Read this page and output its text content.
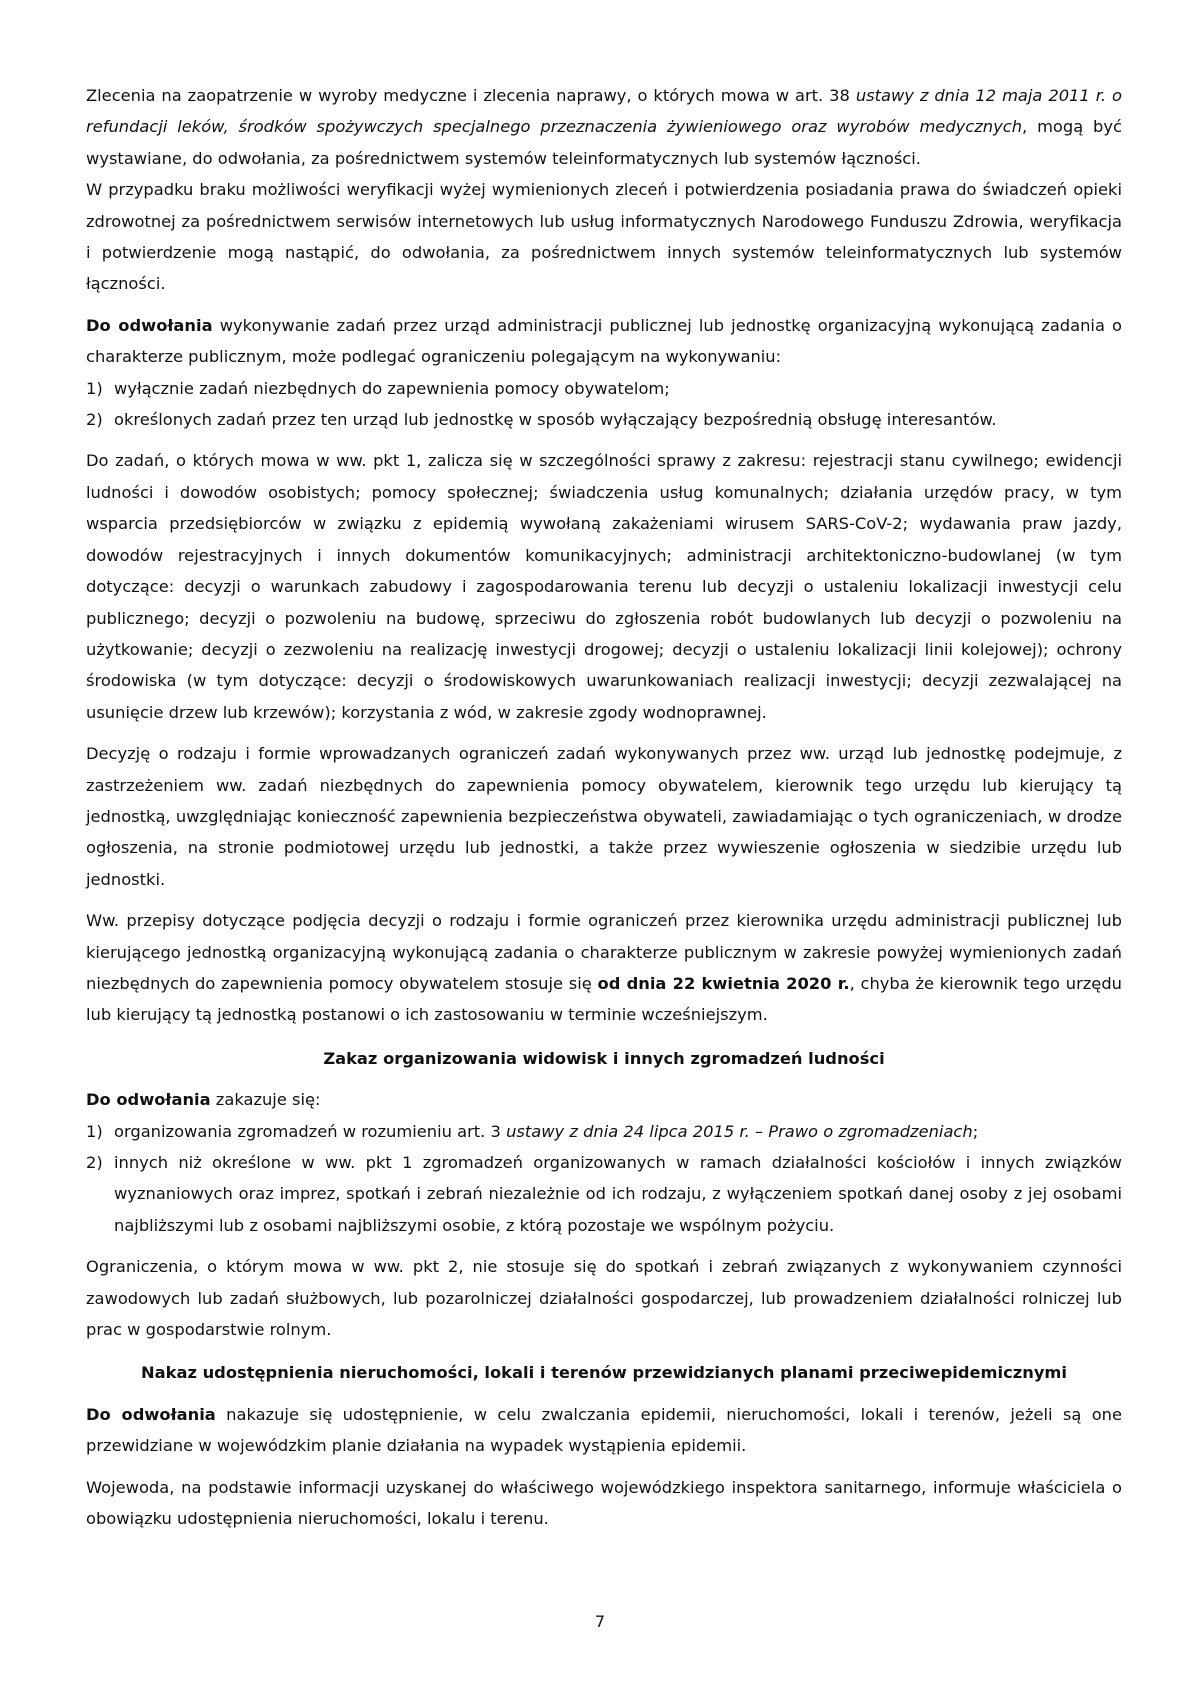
Zlecenia na zaopatrzenie w wyroby medyczne i zlecenia naprawy, o których mowa w art. 38 ustawy z dnia 12 maja 2011 r. o refundacji leków, środków spożywczych specjalnego przeznaczenia żywieniowego oraz wyrobów medycznych, mogą być wystawiane, do odwołania, za pośrednictwem systemów teleinformatycznych lub systemów łączności.

W przypadku braku możliwości weryfikacji wyżej wymienionych zleceń i potwierdzenia posiadania prawa do świadczeń opieki zdrowotnej za pośrednictwem serwisów internetowych lub usług informatycznych Narodowego Funduszu Zdrowia, weryfikacja i potwierdzenie mogą nastąpić, do odwołania, za pośrednictwem innych systemów teleinformatycznych lub systemów łączności.

Do odwołania wykonywanie zadań przez urząd administracji publicznej lub jednostkę organizacyjną wykonującą zadania o charakterze publicznym, może podlegać ograniczeniu polegającym na wykonywaniu:

1) wyłącznie zadań niezbędnych do zapewnienia pomocy obywatelom;
2) określonych zadań przez ten urząd lub jednostkę w sposób wyłączający bezpośrednią obsługę interesantów.

Do zadań, o których mowa w ww. pkt 1, zalicza się w szczególności sprawy z zakresu: rejestracji stanu cywilnego; ewidencji ludności i dowodów osobistych; pomocy społecznej; świadczenia usług komunalnych; działania urzędów pracy, w tym wsparcia przedsiębiorców w związku z epidemią wywołaną zakażeniami wirusem SARS-CoV-2; wydawania praw jazdy, dowodów rejestracyjnych i innych dokumentów komunikacyjnych; administracji architektoniczno-budowlanej (w tym dotyczące: decyzji o warunkach zabudowy i zagospodarowania terenu lub decyzji o ustaleniu lokalizacji inwestycji celu publicznego; decyzji o pozwoleniu na budowę, sprzeciwu do zgłoszenia robót budowlanych lub decyzji o pozwoleniu na użytkowanie; decyzji o zezwoleniu na realizację inwestycji drogowej; decyzji o ustaleniu lokalizacji linii kolejowej); ochrony środowiska (w tym dotyczące: decyzji o środowiskowych uwarunkowaniach realizacji inwestycji; decyzji zezwalającej na usunięcie drzew lub krzewów); korzystania z wód, w zakresie zgody wodnoprawnej.

Decyzję o rodzaju i formie wprowadzanych ograniczeń zadań wykonywanych przez ww. urząd lub jednostkę podejmuje, z zastrzeżeniem ww. zadań niezbędnych do zapewnienia pomocy obywatelem, kierownik tego urzędu lub kierujący tą jednostką, uwzględniając konieczność zapewnienia bezpieczeństwa obywateli, zawiadamiając o tych ograniczeniach, w drodze ogłoszenia, na stronie podmiotowej urzędu lub jednostki, a także przez wywieszenie ogłoszenia w siedzibie urzędu lub jednostki.

Ww. przepisy dotyczące podjęcia decyzji o rodzaju i formie ograniczeń przez kierownika urzędu administracji publicznej lub kierującego jednostką organizacyjną wykonującą zadania o charakterze publicznym w zakresie powyżej wymienionych zadań niezbędnych do zapewnienia pomocy obywatelem stosuje się od dnia 22 kwietnia 2020 r., chyba że kierownik tego urzędu lub kierujący tą jednostką postanowi o ich zastosowaniu w terminie wcześniejszym.

Zakaz organizowania widowisk i innych zgromadzeń ludności

Do odwołania zakazuje się:

1) organizowania zgromadzeń w rozumieniu art. 3 ustawy z dnia 24 lipca 2015 r. – Prawo o zgromadzeniach;
2) innych niż określone w ww. pkt 1 zgromadzeń organizowanych w ramach działalności kościołów i innych związków wyznaniowych oraz imprez, spotkań i zebrań niezależnie od ich rodzaju, z wyłączeniem spotkań danej osoby z jej osobami najbliższymi lub z osobami najbliższymi osobie, z którą pozostaje we wspólnym pożyciu.

Ograniczenia, o którym mowa w ww. pkt 2, nie stosuje się do spotkań i zebrań związanych z wykonywaniem czynności zawodowych lub zadań służbowych, lub pozarolniczej działalności gospodarczej, lub prowadzeniem działalności rolniczej lub prac w gospodarstwie rolnym.

Nakaz udostępnienia nieruchomości, lokali i terenów przewidzianych planami przeciwepidemicznymi

Do odwołania nakazuje się udostępnienie, w celu zwalczania epidemii, nieruchomości, lokali i terenów, jeżeli są one przewidziane w wojewódzkim planie działania na wypadek wystąpienia epidemii.

Wojewoda, na podstawie informacji uzyskanej do właściwego wojewódzkiego inspektora sanitarnego, informuje właściciela o obowiązku udostępnienia nieruchomości, lokalu i terenu.

7
